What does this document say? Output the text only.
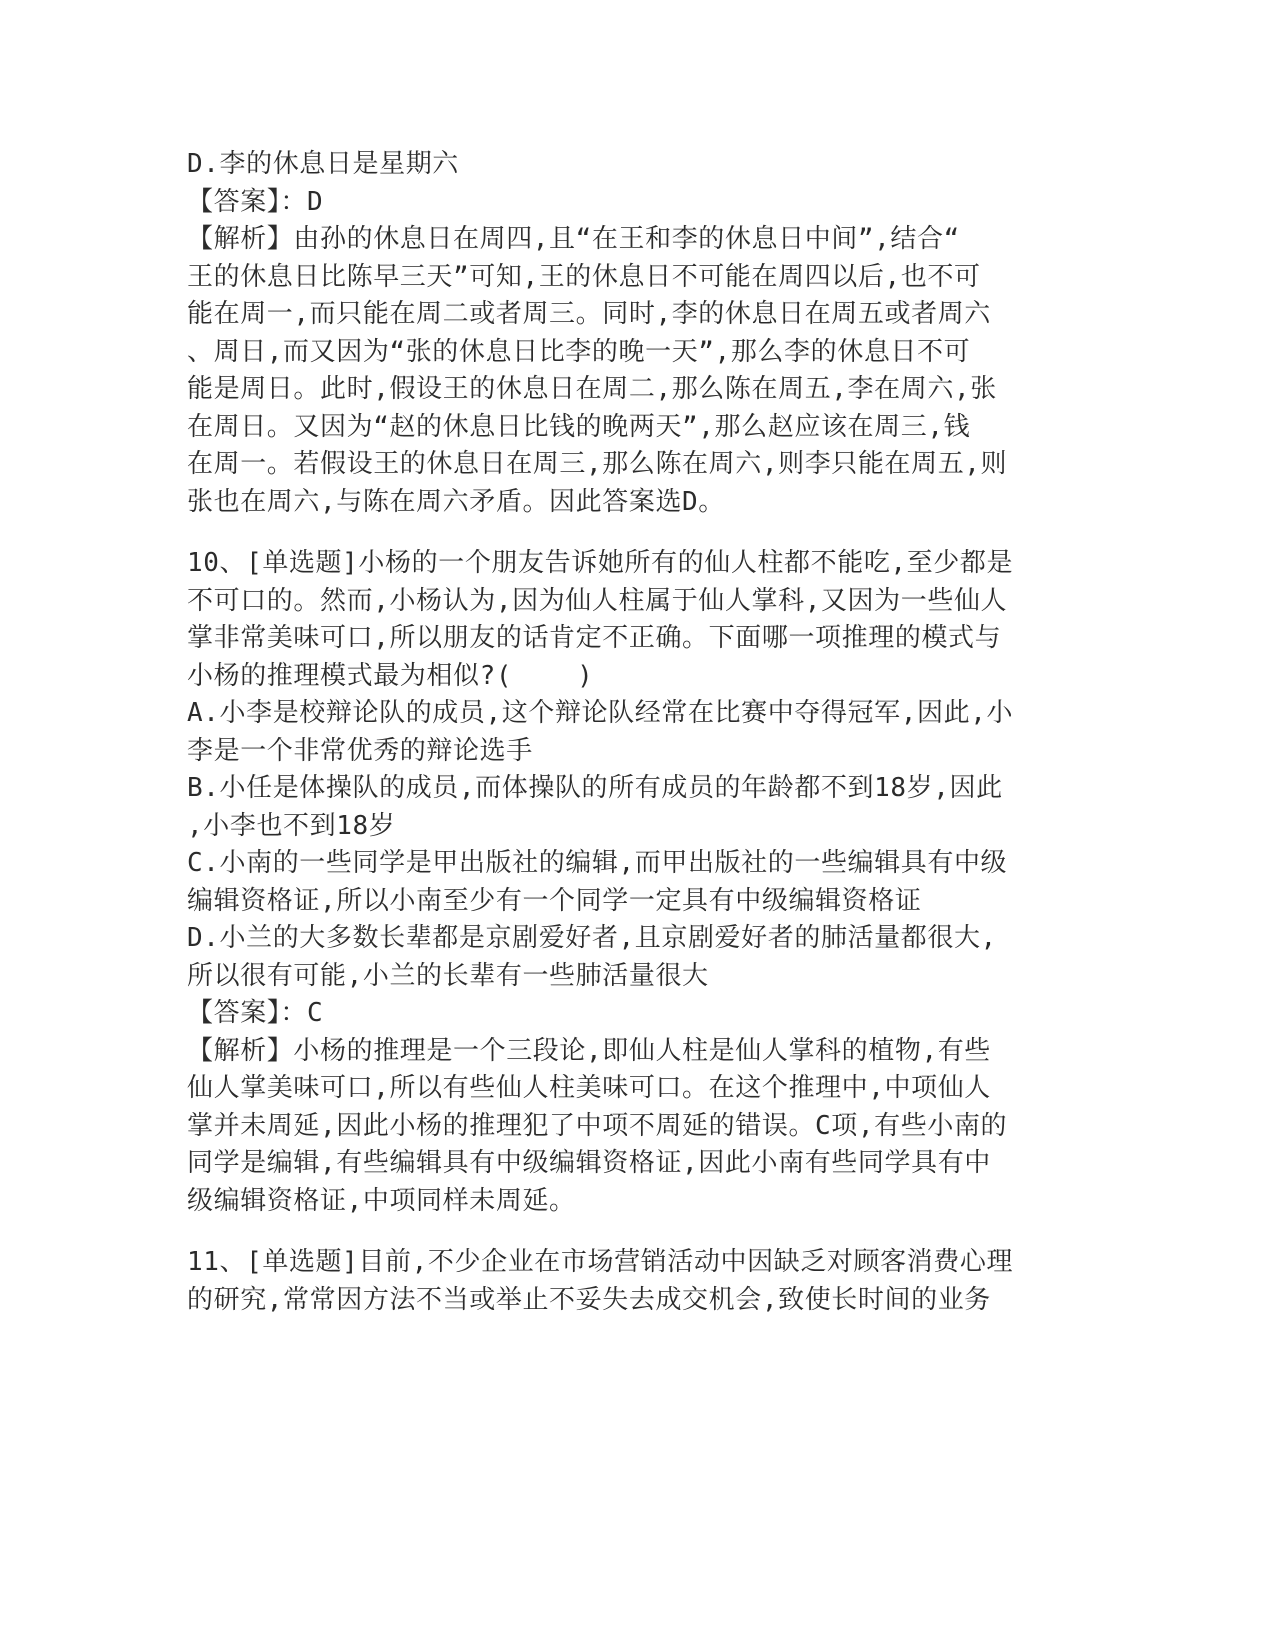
D.李的休息日是星期六
【答案】：D
【解析】由孙的休息日在周四,且“在王和李的休息日中间”,结合“
王的休息日比陈早三天”可知,王的休息日不可能在周四以后,也不可
能在周一,而只能在周二或者周三。同时,李的休息日在周五或者周六
、周日,而又因为“张的休息日比李的晚一天”,那么李的休息日不可
能是周日。此时,假设王的休息日在周二,那么陈在周五,李在周六,张
在周日。又因为“赵的休息日比钱的晚两天”,那么赵应该在周三,钱
在周一。若假设王的休息日在周三,那么陈在周六,则李只能在周五,则
张也在周六,与陈在周六矛盾。因此答案选D。
10、[单选题]小杨的一个朋友告诉她所有的仙人柱都不能吃,至少都是
不可口的。然而,小杨认为,因为仙人柱属于仙人掌科,又因为一些仙人
掌非常美味可口,所以朋友的话肯定不正确。下面哪一项推理的模式与
小杨的推理模式最为相似?(    )
A.小李是校辩论队的成员,这个辩论队经常在比赛中夺得冠军,因此,小
李是一个非常优秀的辩论选手
B.小任是体操队的成员,而体操队的所有成员的年龄都不到18岁,因此
,小李也不到18岁
C.小南的一些同学是甲出版社的编辑,而甲出版社的一些编辑具有中级
编辑资格证,所以小南至少有一个同学一定具有中级编辑资格证
D.小兰的大多数长辈都是京剧爱好者,且京剧爱好者的肺活量都很大,
所以很有可能,小兰的长辈有一些肺活量很大
【答案】：C
【解析】小杨的推理是一个三段论,即仙人柱是仙人掌科的植物,有些
仙人掌美味可口,所以有些仙人柱美味可口。在这个推理中,中项仙人
掌并未周延,因此小杨的推理犯了中项不周延的错误。C项,有些小南的
同学是编辑,有些编辑具有中级编辑资格证,因此小南有些同学具有中
级编辑资格证,中项同样未周延。
11、[单选题]目前,不少企业在市场营销活动中因缺乏对顾客消费心理
的研究,常常因方法不当或举止不妥失去成交机会,致使长时间的业务
